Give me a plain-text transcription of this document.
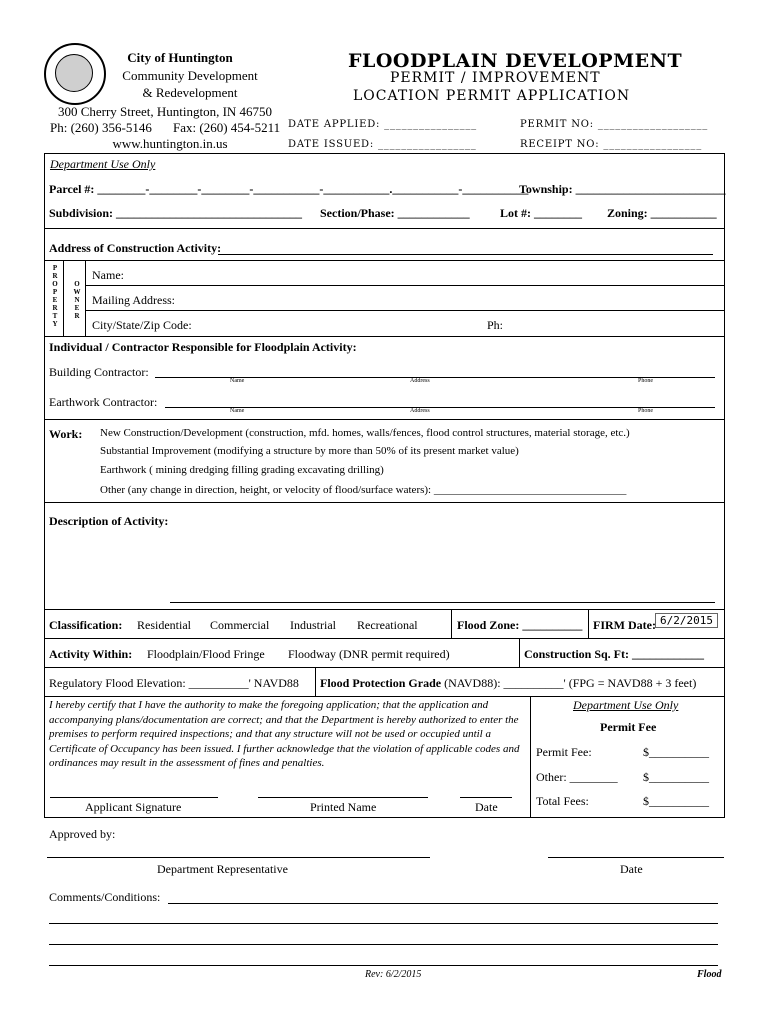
City of Huntington
Community Development
& Redevelopment
300 Cherry Street, Huntington, IN 46750
Ph: (260) 356-5146 Fax: (260) 454-5211
www.huntington.in.us
FLOODPLAIN DEVELOPMENT
PERMIT / IMPROVEMENT
LOCATION PERMIT APPLICATION
DATE APPLIED: ________________
DATE ISSUED: _________________
PERMIT NO: ___________________
RECEIPT NO: _________________
Department Use Only
Parcel #: ________-________-________-___________-___________.___________-___________
Township: _________________________
Subdivision: _______________________________ Section/Phase: ____________	Lot #: ________ Zoning: ___________
Address of Construction Activity:
P
R
O
P
E
R
T
Y
O
W
N
E
R
Name:
Mailing Address:
City/State/Zip Code:	Ph:
Individual / Contractor Responsible for Floodplain Activity:
Building Contractor:
Name	Address	Phone
Earthwork Contractor:
Name	Address	Phone
Work: New Construction/Development (construction, mfd. homes, walls/fences, flood control structures, material storage, etc.)
Substantial Improvement (modifying a structure by more than 50% of its present market value)
Earthwork ( mining dredging filling grading excavating drilling)
Other (any change in direction, height, or velocity of flood/surface waters): ___________________________________
Description of Activity:
Classification: Residential Commercial Industrial Recreational	Flood Zone: __________ FIRM Date: 6/2/2015
Activity Within: Floodplain/Flood Fringe Floodway (DNR permit required)	Construction Sq. Ft: ____________
Regulatory Flood Elevation: __________' NAVD88 Flood Protection Grade (NAVD88): __________' (FPG = NAVD88 + 3 feet)
I hereby certify that I have the authority to make the foregoing application; that the application and accompanying plans/documentation are correct; and that the Department is hereby authorized to enter the premises to perform required inspections; and that any structure will not be used or occupied until a Certificate of Occupancy has been issued. I further acknowledge that the violation of applicable codes and ordinances may result in the assessment of fines and penalties.
Applicant Signature	Printed Name	Date
Department Use Only
Permit Fee
Permit Fee:	$__________
Other: ________ $__________
Total Fees:	$__________
Approved by:
Department Representative	Date
Comments/Conditions:
Rev: 6/2/2015	Flood
